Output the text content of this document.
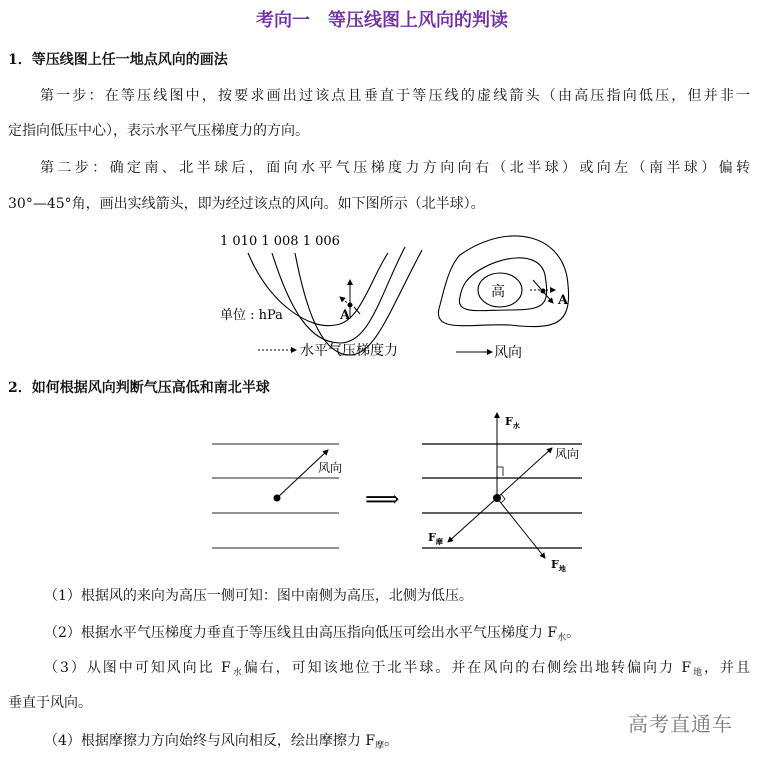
考向一　等压线图上风向的判读
1．等压线图上任一地点风向的画法
第一步：在等压线图中，按要求画出过该点且垂直于等压线的虚线箭头（由高压指向低压，但并非一
定指向低压中心），表示水平气压梯度力的方向。
第二步：确定南、北半球后，面向水平气压梯度力方向向右（北半球）或向左（南半球）偏转
30°—45°角，画出实线箭头，即为经过该点的风向。如下图所示（北半球）。
1 010 1 008 1 006
A
单位 : hPa
高
A
水平气压梯度力	风向
2．如何根据风向判断气压高低和南北半球
风向
⟹
$F_水$
风向
$F_摩$
$F_地$
（1）根据风的来向为高压一侧可知：图中南侧为高压，北侧为低压。
（2）根据水平气压梯度力垂直于等压线且由高压指向低压可绘出水平气压梯度力 $F_水$。
（3）从图中可知风向比 $F_水$偏右，可知该地位于北半球。并在风向的右侧绘出地转偏向力 $F_地$，并且
垂直于风向。
（4）根据摩擦力方向始终与风向相反，绘出摩擦力 $F_摩$。
高考直通车
